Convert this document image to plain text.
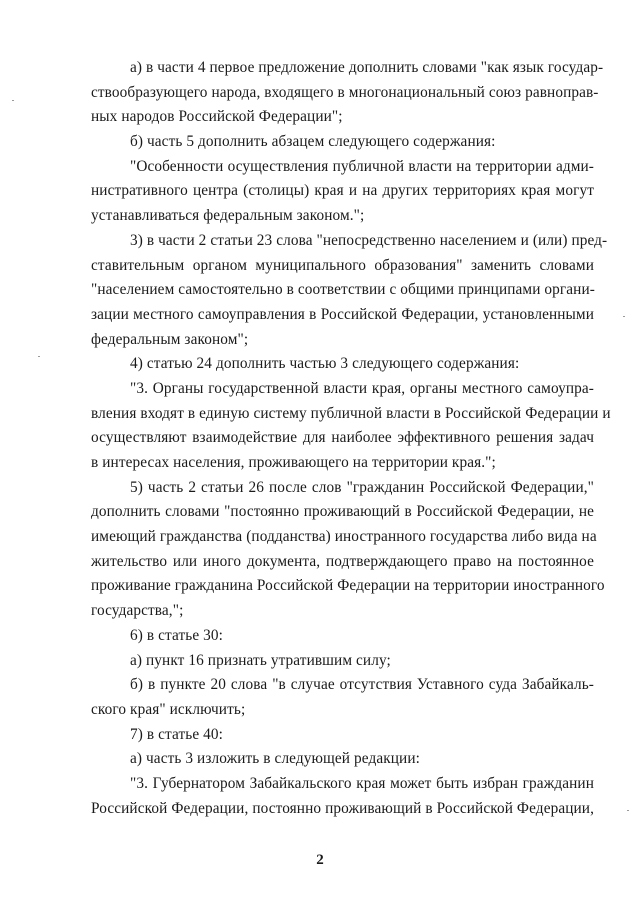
а) в части 4 первое предложение дополнить словами "как язык государ-
ствообразующего народа, входящего в многонациональный союз равноправ-
ных народов Российской Федерации";
б) часть 5 дополнить абзацем следующего содержания:
"Особенности осуществления публичной власти на территории адми-
нистративного центра (столицы) края и на других территориях края могут
устанавливаться федеральным законом.";
3) в части 2 статьи 23 слова "непосредственно населением и (или) пред-
ставительным органом муниципального образования" заменить словами
"населением самостоятельно в соответствии с общими принципами органи-
зации местного самоуправления в Российской Федерации, установленными
федеральным законом";
4) статью 24 дополнить частью 3 следующего содержания:
"3. Органы государственной власти края, органы местного самоупра-
вления входят в единую систему публичной власти в Российской Федерации и
осуществляют взаимодействие для наиболее эффективного решения задач
в интересах населения, проживающего на территории края.";
5) часть 2 статьи 26 после слов "гражданин Российской Федерации,"
дополнить словами "постоянно проживающий в Российской Федерации, не
имеющий гражданства (подданства) иностранного государства либо вида на
жительство или иного документа, подтверждающего право на постоянное
проживание гражданина Российской Федерации на территории иностранного
государства,";
6) в статье 30:
а) пункт 16 признать утратившим силу;
б) в пункте 20 слова "в случае отсутствия Уставного суда Забайкаль-
ского края" исключить;
7) в статье 40:
а) часть 3 изложить в следующей редакции:
"3. Губернатором Забайкальского края может быть избран гражданин
Российской Федерации, постоянно проживающий в Российской Федерации,
2
